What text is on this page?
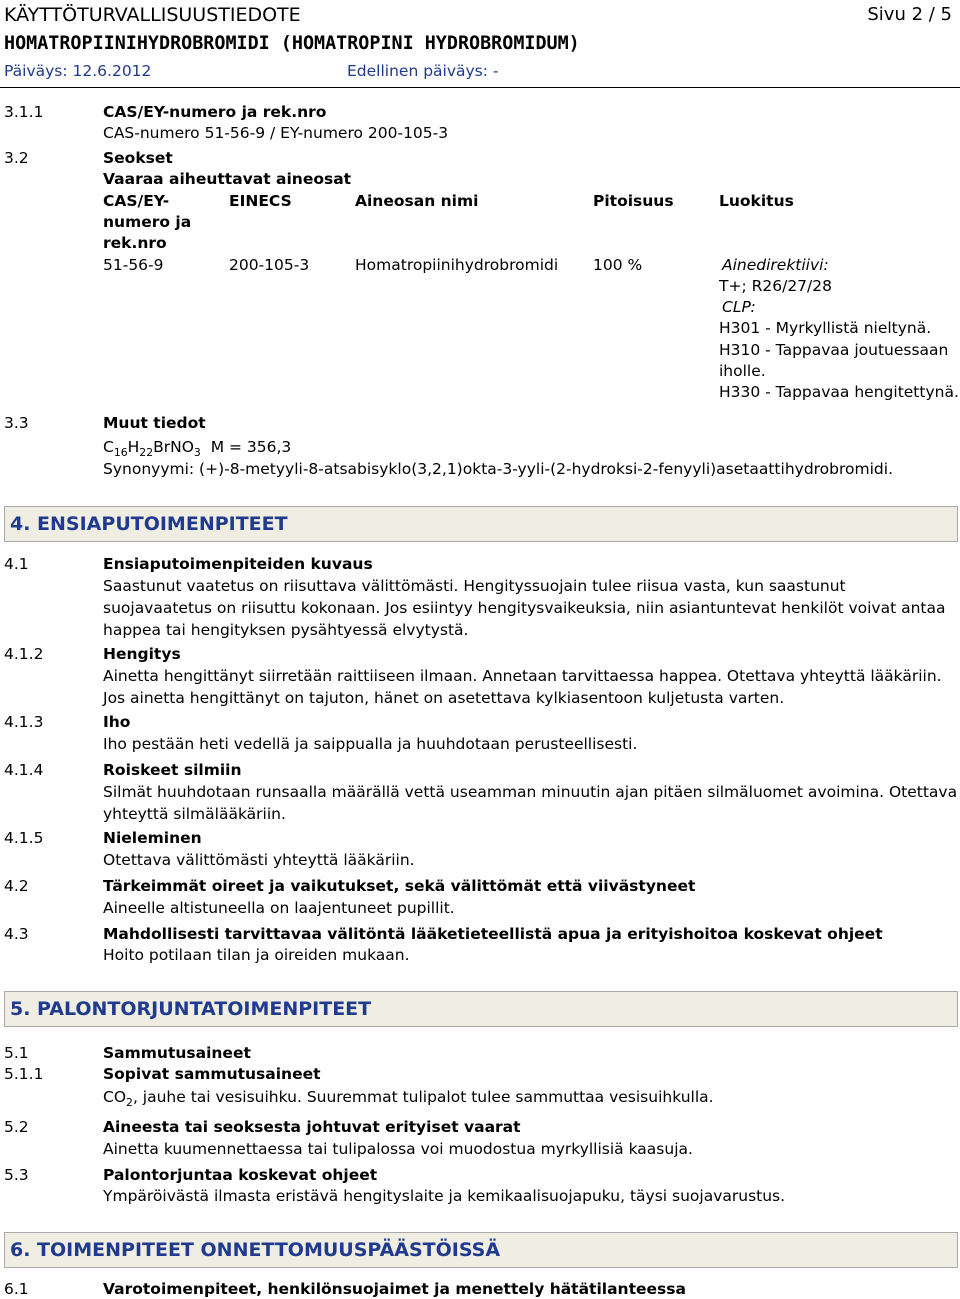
KÄYTTÖTURVALLISUUSTIEDOTE	Sivu 2 / 5
HOMATROPIINIHYDROBROMIDI (HOMATROPINI HYDROBROMIDUM)
Päiväys: 12.6.2012	Edellinen päiväys: -
3.1.1	CAS/EY-numero ja rek.nro
CAS-numero 51-56-9 / EY-numero 200-105-3
3.2	Seokset
Vaaraa aiheuttavat aineosat
CAS/EY-
numero ja
rek.nro
EINECS	Aineosan nimi	Pitoisuus	Luokitus
51-56-9	200-105-3	Homatropiinihydrobromidi 100 %	Ainedirektiivi:
T+; R26/27/28
CLP:
H301 - Myrkyllistä nieltynä.
H310 - Tappavaa joutuessaan
iholle.
H330 - Tappavaa hengitettynä.
3.3	Muut tiedot
$C_{16}H_{22}BrNO_3$ M = 356,3
Synonyymi: (+)-8-metyyli-8-atsabisyklo(3,2,1)okta-3-yyli-(2-hydroksi-2-fenyyli)asetaattihydrobromidi.
4. ENSIAPUTOIMENPITEET
4.1	Ensiaputoimenpiteiden kuvaus
Saastunut vaatetus on riisuttava välittömästi. Hengityssuojain tulee riisua vasta, kun saastunut suojavaatetus on riisuttu kokonaan. Jos esiintyy hengitysvaikeuksia, niin asiantuntevat henkilöt voivat antaa happea tai hengityksen pysähtyessä elvytystä.
4.1.2	Hengitys
Ainetta hengittänyt siirretään raittiiseen ilmaan. Annetaan tarvittaessa happea. Otettava yhteyttä lääkäriin. Jos ainetta hengittänyt on tajuton, hänet on asetettava kylkiasentoon kuljetusta varten.
4.1.3	Iho
Iho pestään heti vedellä ja saippualla ja huuhdotaan perusteellisesti.
4.1.4	Roiskeet silmiin
Silmät huuhdotaan runsaalla määrällä vettä useamman minuutin ajan pitäen silmäluomet avoimina. Otettava yhteyttä silmälääkäriin.
4.1.5	Nieleminen
Otettava välittömästi yhteyttä lääkäriin.
4.2	Tärkeimmät oireet ja vaikutukset, sekä välittömät että viivästyneet
Aineelle altistuneella on laajentuneet pupillit.
4.3	Mahdollisesti tarvittavaa välitöntä lääketieteellistä apua ja erityishoitoa koskevat ohjeet
Hoito potilaan tilan ja oireiden mukaan.
5. PALONTORJUNTATOIMENPITEET
5.1	Sammutusaineet
5.1.1	Sopivat sammutusaineet
$CO_2$, jauhe tai vesisuihku. Suuremmat tulipalot tulee sammuttaa vesisuihkulla.
5.2	Aineesta tai seoksesta johtuvat erityiset vaarat
Ainetta kuumennettaessa tai tulipalossa voi muodostua myrkyllisiä kaasuja.
5.3	Palontorjuntaa koskevat ohjeet
Ympäröivästä ilmasta eristävä hengityslaite ja kemikaalisuojapuku, täysi suojavarustus.
6. TOIMENPITEET ONNETTOMUUSPÄÄSTÖISSÄ
6.1	Varotoimenpiteet, henkilönsuojaimet ja menettely hätätilanteessa
